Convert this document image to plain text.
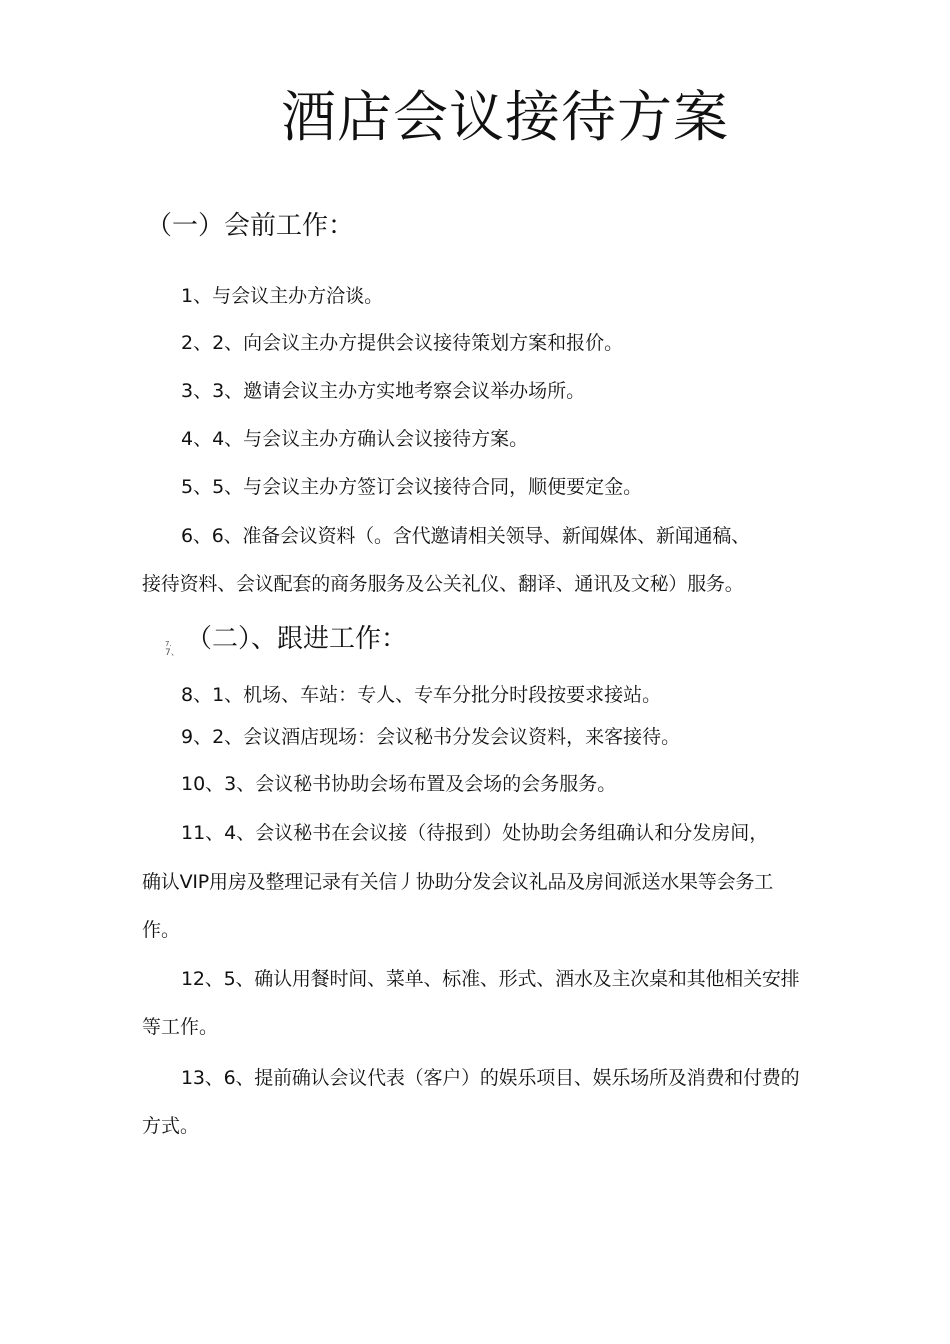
酒店会议接待方案
（一）会前工作：
1、与会议主办方洽谈。
2、2、向会议主办方提供会议接待策划方案和报价。
3、3、邀请会议主办方实地考察会议举办场所。
4、4、与会议主办方确认会议接待方案。
5、5、与会议主办方签订会议接待合同，顺便要定金。
6、6、准备会议资料（。含代邀请相关领导、新闻媒体、新闻通稿、
接待资料、会议配套的商务服务及公关礼仪、翻译、通讯及文秘）服务。
7.
7、 （二）、跟进工作：
8、1、机场、车站：专人、专车分批分时段按要求接站。
9、2、会议酒店现场：会议秘书分发会议资料，来客接待。
10、3、会议秘书协助会场布置及会场的会务服务。
11、4、会议秘书在会议接（待报到）处协助会务组确认和分发房间，
确认VIP用房及整理记录有关信丿协助分发会议礼品及房间派送水果等会务工
作。
12、5、确认用餐时间、菜单、标准、形式、酒水及主次桌和其他相关安排
等工作。
13、6、提前确认会议代表（客户）的娱乐项目、娱乐场所及消费和付费的
方式。
